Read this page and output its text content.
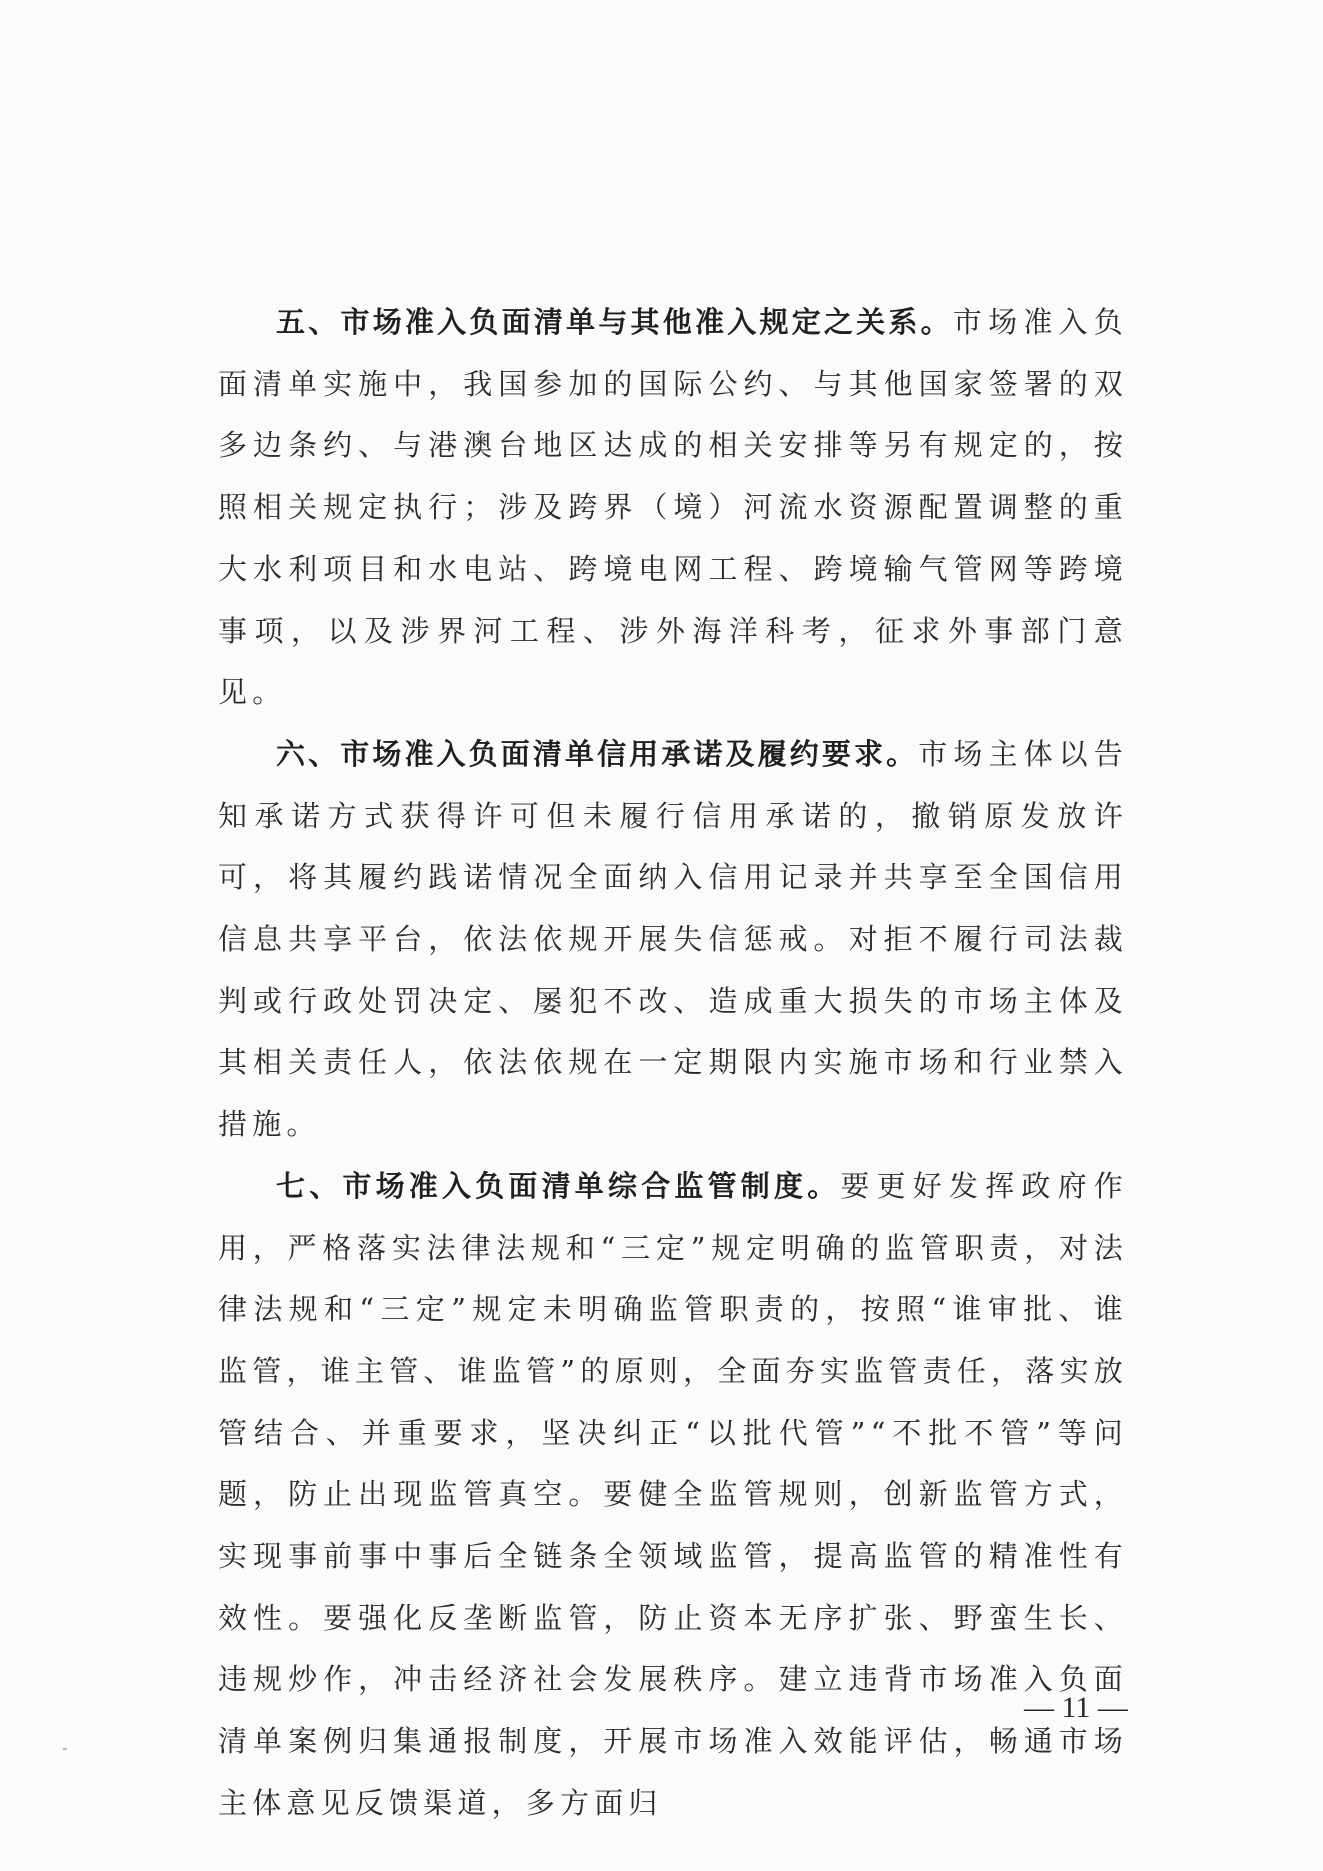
五、市场准入负面清单与其他准入规定之关系。市场准入负面清单实施中，我国参加的国际公约、与其他国家签署的双多边条约、与港澳台地区达成的相关安排等另有规定的，按照相关规定执行；涉及跨界（境）河流水资源配置调整的重大水利项目和水电站、跨境电网工程、跨境输气管网等跨境事项，以及涉界河工程、涉外海洋科考，征求外事部门意见。

六、市场准入负面清单信用承诺及履约要求。市场主体以告知承诺方式获得许可但未履行信用承诺的，撤销原发放许可，将其履约践诺情况全面纳入信用记录并共享至全国信用信息共享平台，依法依规开展失信惩戒。对拒不履行司法裁判或行政处罚决定、屡犯不改、造成重大损失的市场主体及其相关责任人，依法依规在一定期限内实施市场和行业禁入措施。

七、市场准入负面清单综合监管制度。要更好发挥政府作用，严格落实法律法规和“三定”规定明确的监管职责，对法律法规和“三定”规定未明确监管职责的，按照“谁审批、谁监管，谁主管、谁监管”的原则，全面夯实监管责任，落实放管结合、并重要求，坚决纠正“以批代管”“不批不管”等问题，防止出现监管真空。要健全监管规则，创新监管方式，实现事前事中事后全链条全领域监管，提高监管的精准性有效性。要强化反垄断监管，防止资本无序扩张、野蛮生长、违规炒作，冲击经济社会发展秩序。建立违背市场准入负面清单案例归集通报制度，开展市场准入效能评估，畅通市场主体意见反馈渠道，多方面归

— 11 —
